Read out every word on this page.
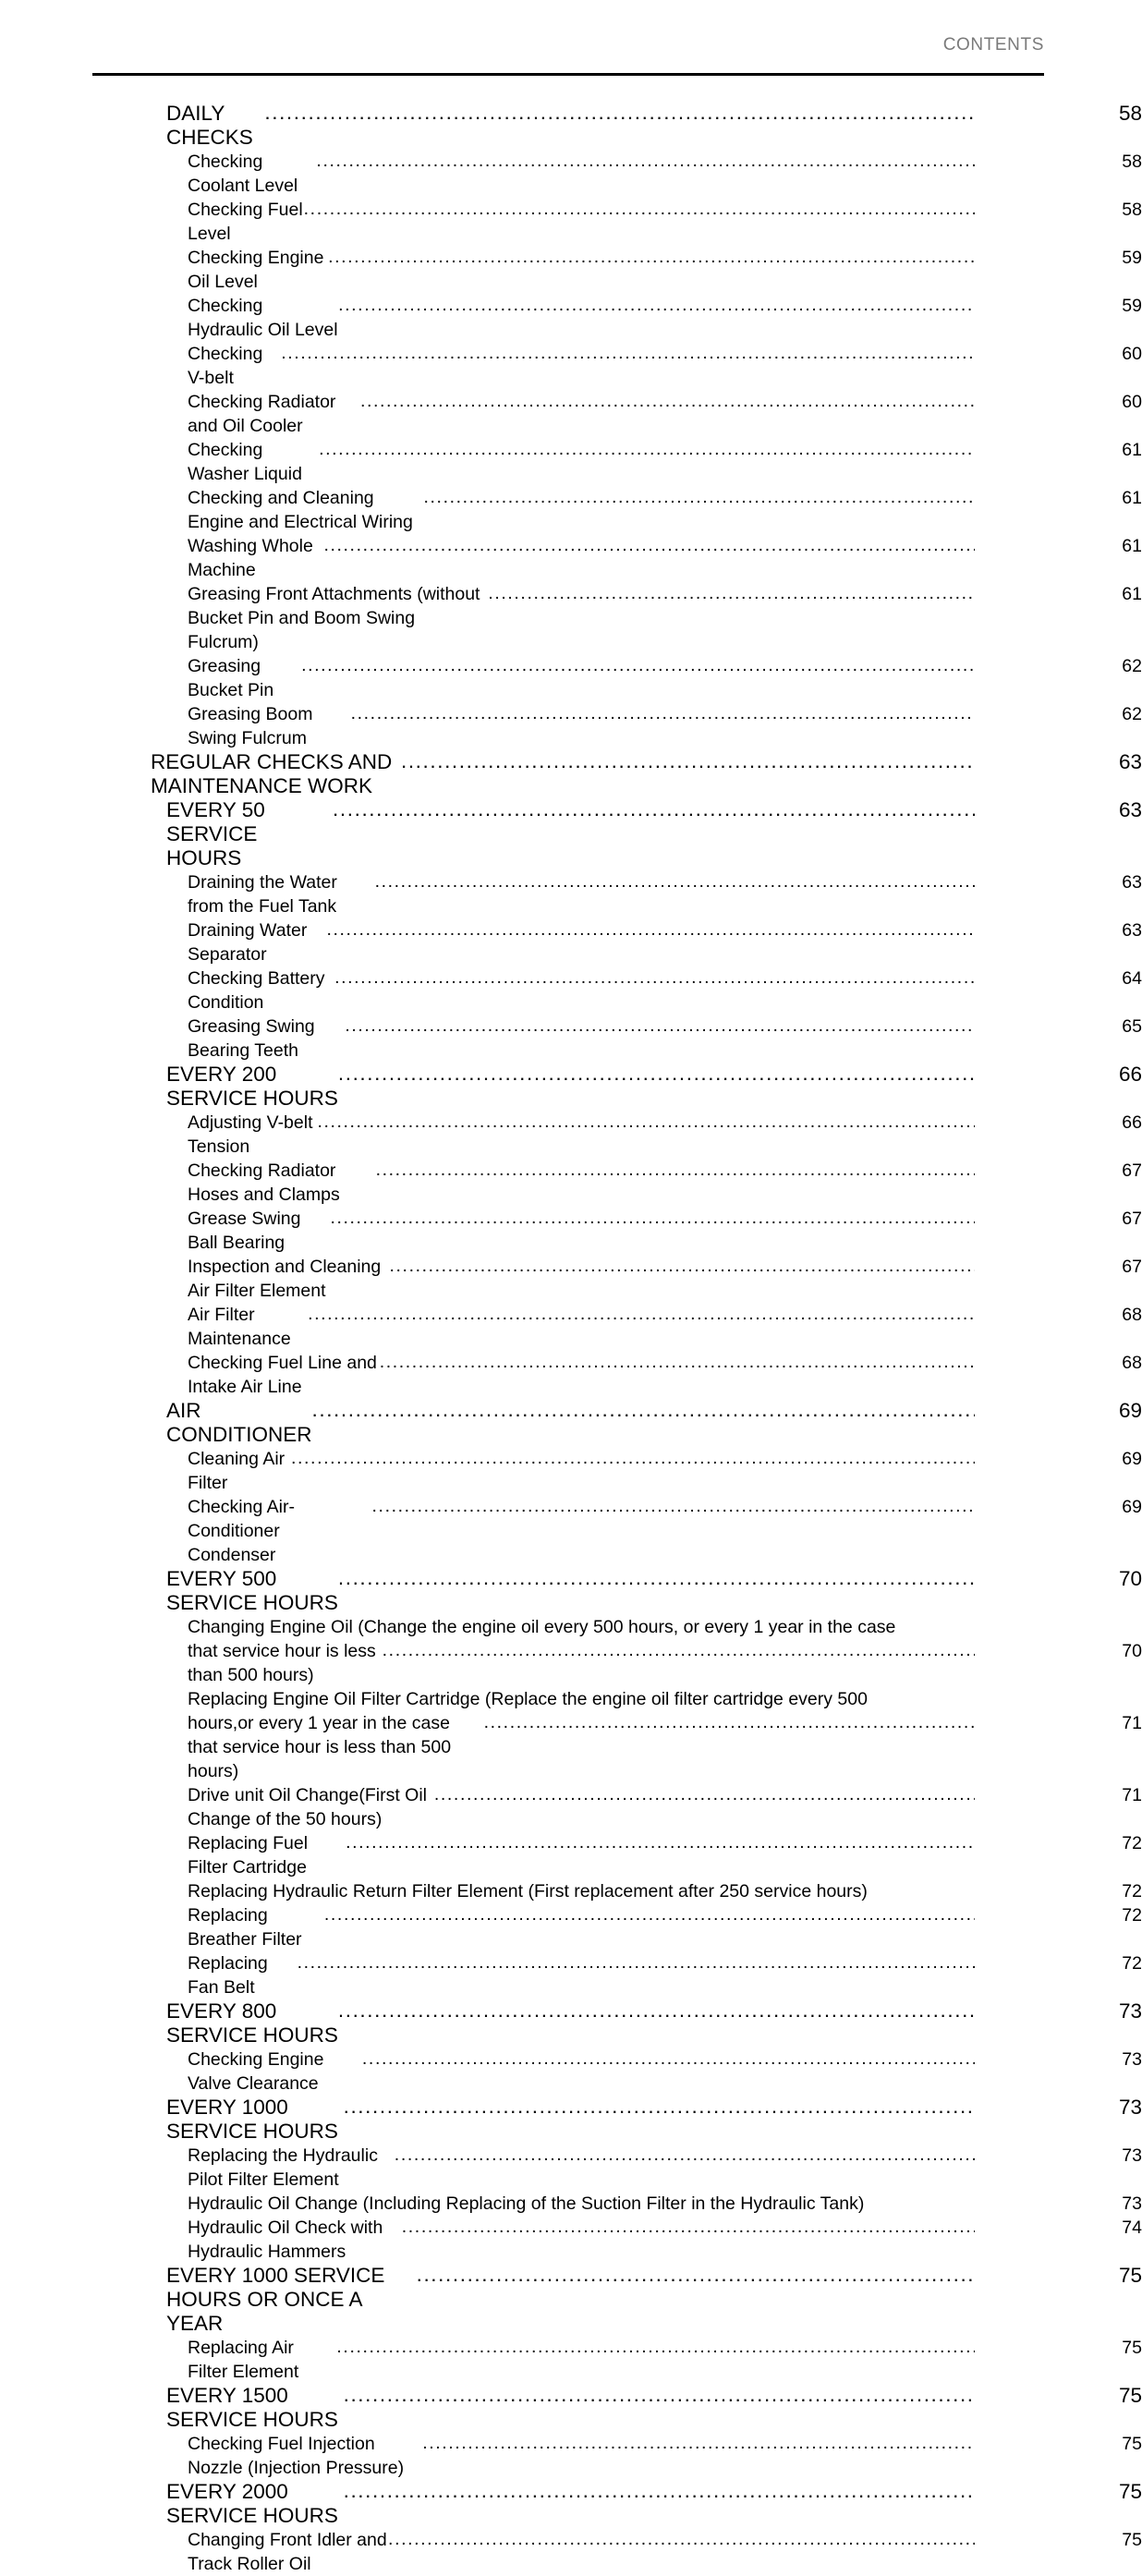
CONTENTS
DAILY CHECKS
.....
58
Checking Coolant Level
.....
58
Checking Fuel Level
.....
58
Checking Engine Oil Level
.....
59
Checking Hydraulic Oil Level
.....
59
Checking V-belt
.....
60
Checking Radiator and Oil Cooler
.....
60
Checking Washer Liquid
.....
61
Checking and Cleaning Engine and Electrical Wiring
.....
61
Washing Whole Machine
.....
61
Greasing Front Attachments (without Bucket Pin and Boom Swing Fulcrum)
.....
61
Greasing Bucket Pin
.....
62
Greasing Boom Swing Fulcrum
.....
62
REGULAR CHECKS AND MAINTENANCE WORK
.....
63
EVERY 50 SERVICE HOURS
.....
63
Draining the Water from the Fuel Tank
.....
63
Draining Water Separator
.....
63
Checking Battery Condition
.....
64
Greasing Swing Bearing Teeth
.....
65
EVERY 200 SERVICE HOURS
.....
66
Adjusting V-belt Tension
.....
66
Checking Radiator Hoses and Clamps
.....
67
Grease Swing Ball Bearing
.....
67
Inspection and Cleaning Air Filter Element
.....
67
Air Filter Maintenance
.....
68
Checking Fuel Line and Intake Air Line
.....
68
AIR CONDITIONER
.....
69
Cleaning Air Filter
.....
69
Checking Air-Conditioner Condenser
.....
69
EVERY 500 SERVICE HOURS
.....
70
Changing Engine Oil (Change the engine oil every 500 hours, or every 1 year in the case
that service hour is less than 500 hours)
.....
70
Replacing Engine Oil Filter Cartridge (Replace the engine oil filter cartridge every 500
hours,or every 1 year in the case that service hour is less than 500 hours)
.....
71
Drive unit Oil Change(First Oil Change of the 50 hours)
.....
71
Replacing Fuel Filter Cartridge
.....
72
Replacing Hydraulic Return Filter Element (First replacement after 250 service hours)	72
Replacing Breather Filter
.....
72
Replacing Fan Belt
.....
72
EVERY 800 SERVICE HOURS
.....
73
Checking Engine Valve Clearance
.....
73
EVERY 1000 SERVICE HOURS
.....
73
Replacing the Hydraulic Pilot Filter Element
.....
73
Hydraulic Oil Change (Including Replacing of the Suction Filter in the Hydraulic Tank)	73
Hydraulic Oil Check with Hydraulic Hammers
.....
74
EVERY 1000 SERVICE HOURS OR ONCE A YEAR
.....
75
Replacing Air Filter Element
.....
75
EVERY 1500 SERVICE HOURS
.....
75
Checking Fuel Injection Nozzle (Injection Pressure)
.....
75
EVERY 2000 SERVICE HOURS
.....
75
Changing Front Idler and Track Roller Oil
.....
75
